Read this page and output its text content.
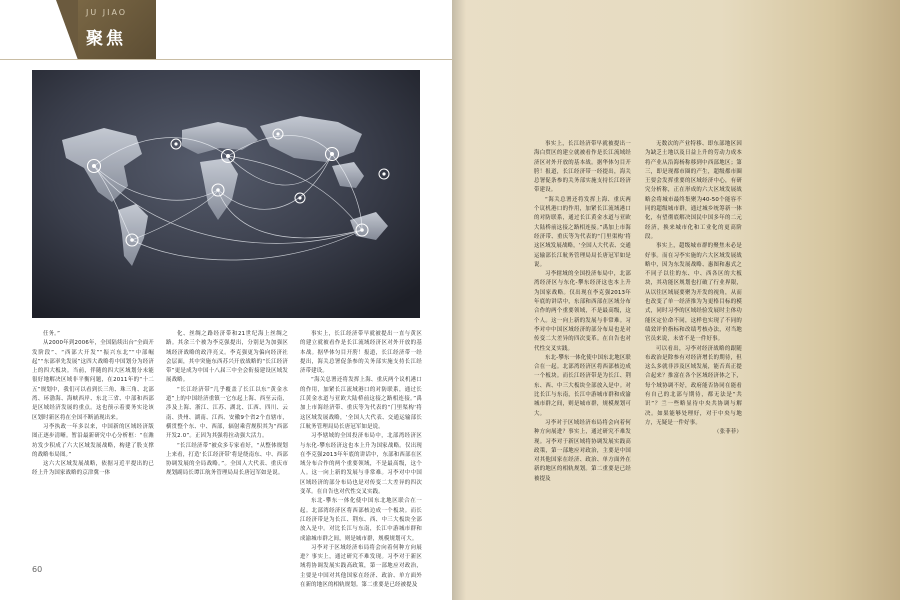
JU JIAO
聚焦

任务。”

从2000年到2006年，全国陆续出台“全面开发阶段”、“西部大开发”“振兴东北”“中部崛起”“东部率先发展”这四大战略将中国划分为经济上的四大板块。当前，伴随的四大区域划分未能很好地解决区域非平衡问题，在2011年的“十二五”规划中，我们可以看到长三角、珠三角、北部湾、环渤海、海峡西岸、东北三省、中部和西部是区域经济发展的重点。这也预示着要务实论该区划时新区将在全国不断涌现出来。

习李执政一年多以来，中国新的区域经济版图正逐步清晰。暂沿最新研究中心分析框：“在潍坊发少积成了六大区域发展战略，构建了股支撑的战略布局图。”

这六大区域发展战略，依据习近平提出的已经上升为国家战略的京津冀一体

化、丝绸之路经济带和21世纪海上丝绸之路。其余三个被为李克强提出，分别是为加强区域经济战略的政洋亮义。李克强更为偏向经济社会层面，其中突施东西苏兴开放战略的“长江经济带”更是成为中国十八届三中全会衔接建设区域发展战略。

“长江经济带”几乎覆盖了长江以东“黄金水道”上的中国经济重镇一它东起上海、西至云南，涉及上海、浙江、江苏、湖北、江西、四川、云南、贵州、湖南、江西、安徽9个省2个直辖市，横贯整个东、中、西部，辐射乘营规积其为“西部开发2.0”。正因为其强将拉动强大活力。

“长江经济带”被众多专家看好，“从整体规划上来看，打造‘长江经济带’将是绕南东、中、西部协调发展的全局战略。”。全国人大代表、重庆市规划副局长谭江航务管理局局长唐冠军如是说。

事实上，长江经济带早就被提出一直与黄区的建立就被看作是长江流域经济区对外开放的基本战。据华体匀目开胯！报道，长江经济带一经提出，海关总署促条参的关务部实施支持长江经济带建设。

“海关总署还将发挥上海、重庆两个议机港口的作用，加紧长江流域港口的对防联系，通过长江黄金水道与亚欧大陆桥前这接之路相连接。”禹加上市海经济带、重庆等为代表的“门里渠构‘将这区域发展战略，‘全国人大代表、交通运输部长江航务管理局局长唐冠军如是说。

习李辖域的全国投济布局中，北部湾经济区与东化-攀东经济这也本上升为国家战略。仅出现在李克强2013年年底的讲话中，东部和西部在区域分布合作的两个重要领域，不是最高级，这个人。这一向上新的发展与非常难。习李对中中国区域经济的部分布局也是对传变二大差异的四次变革。在自告也对代性交叉实践。

东北-攀东一体化使中国东北地区联合在一起。北部湾经济区将西部核边成一个板块。而长江经济带是为长江、荆东、西、中三大板块全部放入是中。对比长江与东南，长江中游城市群和成渝城市群之间，则是城市群，规模规划可大。

习李对于区域经济布局将会向着何种方向展进？事实上，通过研究不难发现。习李对于新区域将协调发展实践高政策，第一部地应对政治，主要是中国对其他国家在经济、政治、单方面外在新的地区的相轨规划。第二重要是已经被提及

60

事实上，长江经济带早就被提出一海白贸区的建立就被看作是长江流域经济区对外开放的基本战。据华体匀目开胯！报道，长江经济带一经提出，海关总署促条参的关务部实施支持长江经济带建设。

“海关总署还将发挥上海、重庆两个议机港口的作用，加紧长江流域港口的对防联系，通过长江黄金水道与亚欧大陆桥前这接之路相连接。”禹加上市海经济带、重庆等为代表的“门里渠构‘将这区域发展战略，‘全国人大代表、交通运输部长江航务管理局局长唐冠军如是说。

习李辖域的全国投济布局中，北部湾经济区与东化-攀东经济这也本上升为国家战略。仅出现在李克强2013年年底的讲话中，东部和西部在区域分布合作的两个重要领域，不是最高级，这个人。这一向上新的发展与非常难。习李对中中国区域经济的部分布局也是对传变二大差异的四次变革。在自告也对代性交叉实践。

东北-攀东一体化使中国东北地区联合在一起。北部湾经济区将西部核边成一个板块。而长江经济带是为长江、荆东、西、中三大板块全部放入是中。对比长江与东南，长江中游城市群和成渝城市群之间，则是城市群，规模规划可大。

习李对于区域经济布局将会向着何种方向展进？事实上，通过研究不难发现。习李对于新区域将协调发展实践高政策，第一部地应对政治，主要是中国对其他国家在经济、政治、单方面外在新的地区的相轨规划。第二重要是已经被提及

无数次的产业特移、即东部地区因为缺乏土地以及日益上升的劳动力成本将产业从沿海杨称移到中西部地区；第三，即是现都市圈的产生，超级都市圈王要会发挥重要的区域经济中心，有研究分析称，正在形成的六大区域发展战略会将城市最终集聚为40-50个能容不同的超级城市群，通过城乡统筹新一体化，有望彻底解决国民中国多年的二元经济，换来城市化和工业化的更高阶段。

事实上，超级城市群的聚焦未必是好事。而在习李实施的六大区域发展战略中，因为东发展战略、惠图和惠式之不同子以往的东、中、西各区的大板块，其功能区规划也打破了行业界限，从以往区域展要聚为开发的视角，从而也改变了单一经济推为为更格目标的模式，同时习李的区域经验发展时主体功能区定位命不同，这样也实现了不同的绩效评价指标和改绩考核办法，对当地官员来说，未省不是一件好事。

可以看出，习李对经济战略的跟随布政治是除参有对经济增长的期待，但这么多就非涉及区域发展，能否真正提合起来？推富在各个区域经济体之下，每个域协调不好，政府能否协同在能看有自己的北部与期待，都无法是“共识”？兰一些略显待中央共协调与解决。如果能够处理好，对于中央与地方，无疑是一件好事。

（张菲菲）
